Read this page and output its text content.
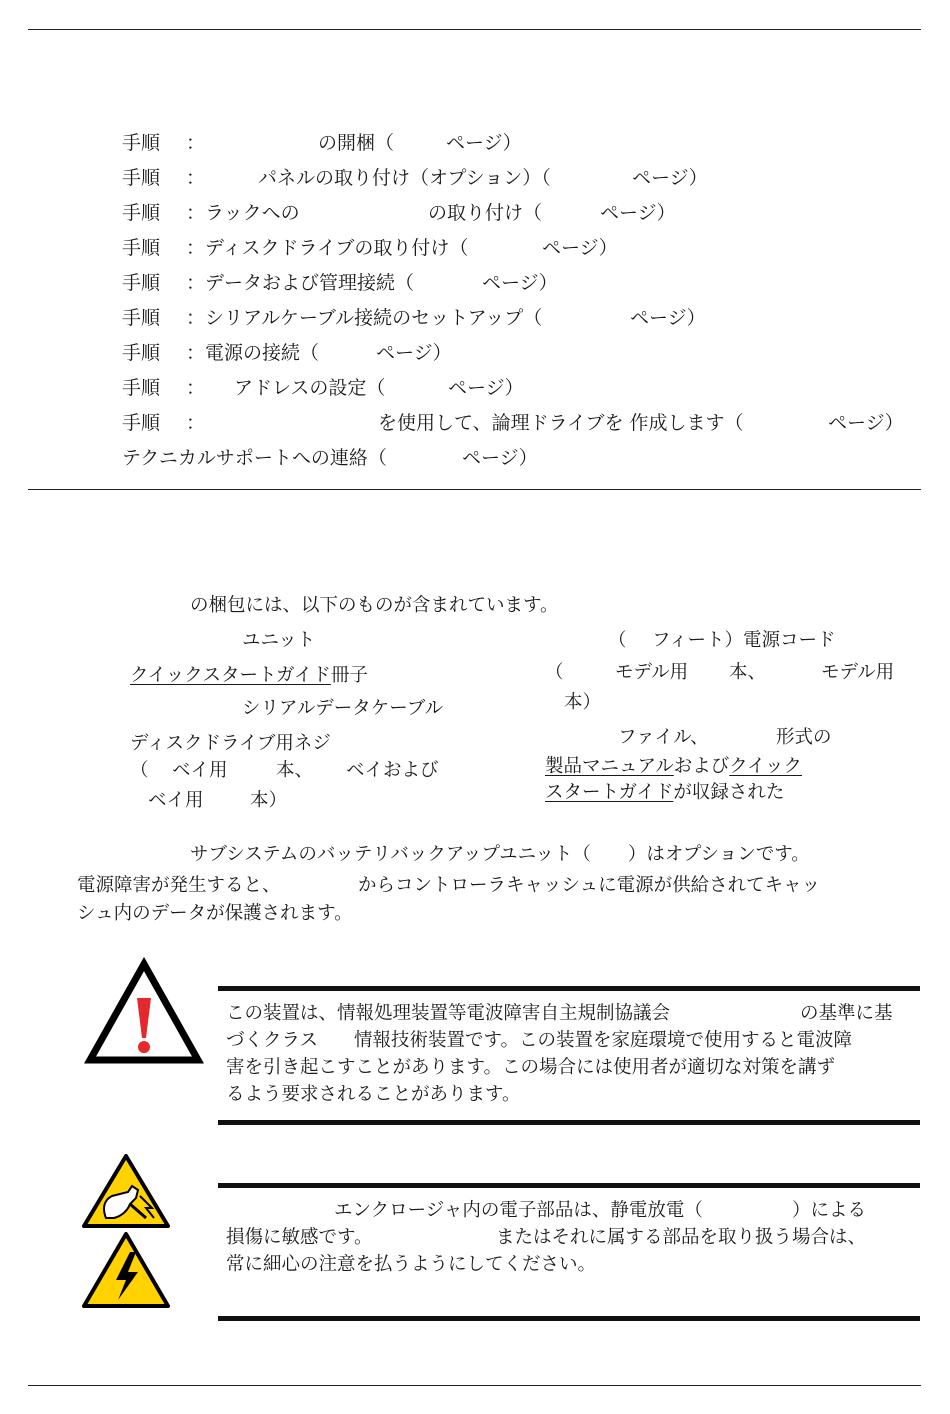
手順 ：	の開梱（	ページ）
手順 ：	パネルの取り付け（オプション）（	ページ）
手順 ：ラックへの	の取り付け（	ページ）
手順 ：ディスクドライブの取り付け（	ページ）
手順 ：データおよび管理接続（	ページ）
手順 ：シリアルケーブル接続のセットアップ（	ページ）
手順 ：電源の接続（	ページ）
手順 ： アドレスの設定（	ページ）
手順 ：	を使用して、論理ドライブを 作成します（	ページ）
テクニカルサポートへの連絡（	ページ）
の梱包には、以下のものが含まれています。
ユニット
クイックスタートガイド冊子
シリアルデータケーブル
ディスクドライブ用ネジ
（ ベイ用	本、 ベイおよび
ベイ用	本）
（ フィート）電源コード
（	モデル用 本、	モデル用
本）
ファイル、	形式の
製品マニュアルおよびクイック
スタートガイドが収録された
サブシステムのバッテリバックアップユニット（　　）はオプションです。
電源障害が発生すると、	からコントローラキャッシュに電源が供給されてキャッ
シュ内のデータが保護されます。
この装置は、情報処理装置等電波障害自主規制協議会	の基準に基
づくクラス 情報技術装置です。この装置を家庭環境で使用すると電波障
害を引き起こすことがあります。この場合には使用者が適切な対策を講ず
るよう要求されることがあります。
エンクロージャ内の電子部品は、静電放電（	）による
損傷に敏感です。	またはそれに属する部品を取り扱う場合は、
常に細心の注意を払うようにしてください。
